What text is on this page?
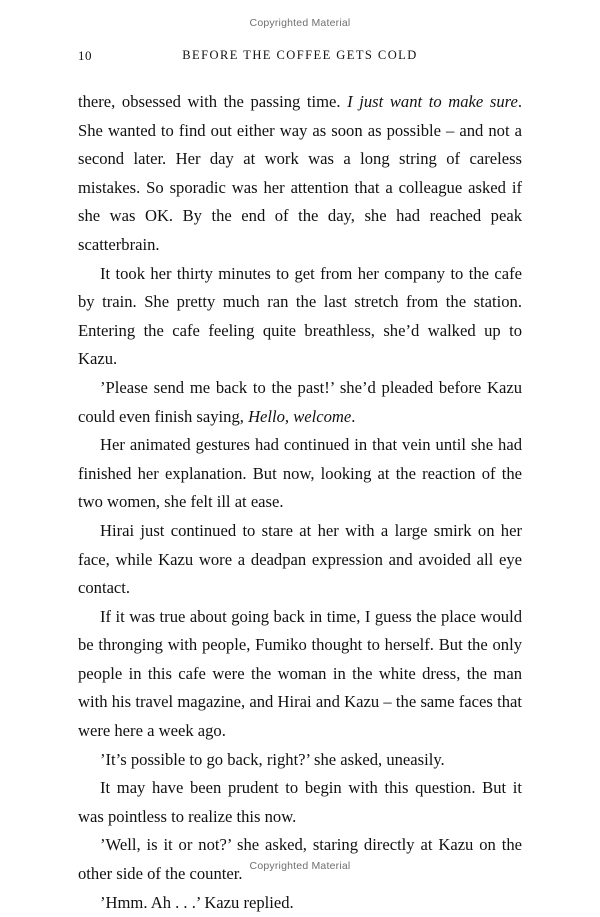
Copyrighted Material
10	BEFORE THE COFFEE GETS COLD

there, obsessed with the passing time. I just want to make sure. She wanted to find out either way as soon as possible – and not a second later. Her day at work was a long string of careless mistakes. So sporadic was her attention that a colleague asked if she was OK. By the end of the day, she had reached peak scatterbrain.

It took her thirty minutes to get from her company to the cafe by train. She pretty much ran the last stretch from the station. Entering the cafe feeling quite breathless, she’d walked up to Kazu.

’Please send me back to the past!’ she’d pleaded before Kazu could even finish saying, Hello, welcome.

Her animated gestures had continued in that vein until she had finished her explanation. But now, looking at the reaction of the two women, she felt ill at ease.

Hirai just continued to stare at her with a large smirk on her face, while Kazu wore a deadpan expression and avoided all eye contact.

If it was true about going back in time, I guess the place would be thronging with people, Fumiko thought to herself. But the only people in this cafe were the woman in the white dress, the man with his travel magazine, and Hirai and Kazu – the same faces that were here a week ago.

’It’s possible to go back, right?’ she asked, uneasily.

It may have been prudent to begin with this question. But it was pointless to realize this now.

’Well, is it or not?’ she asked, staring directly at Kazu on the other side of the counter.

’Hmm. Ah . . .’ Kazu replied.

Copyrighted Material
